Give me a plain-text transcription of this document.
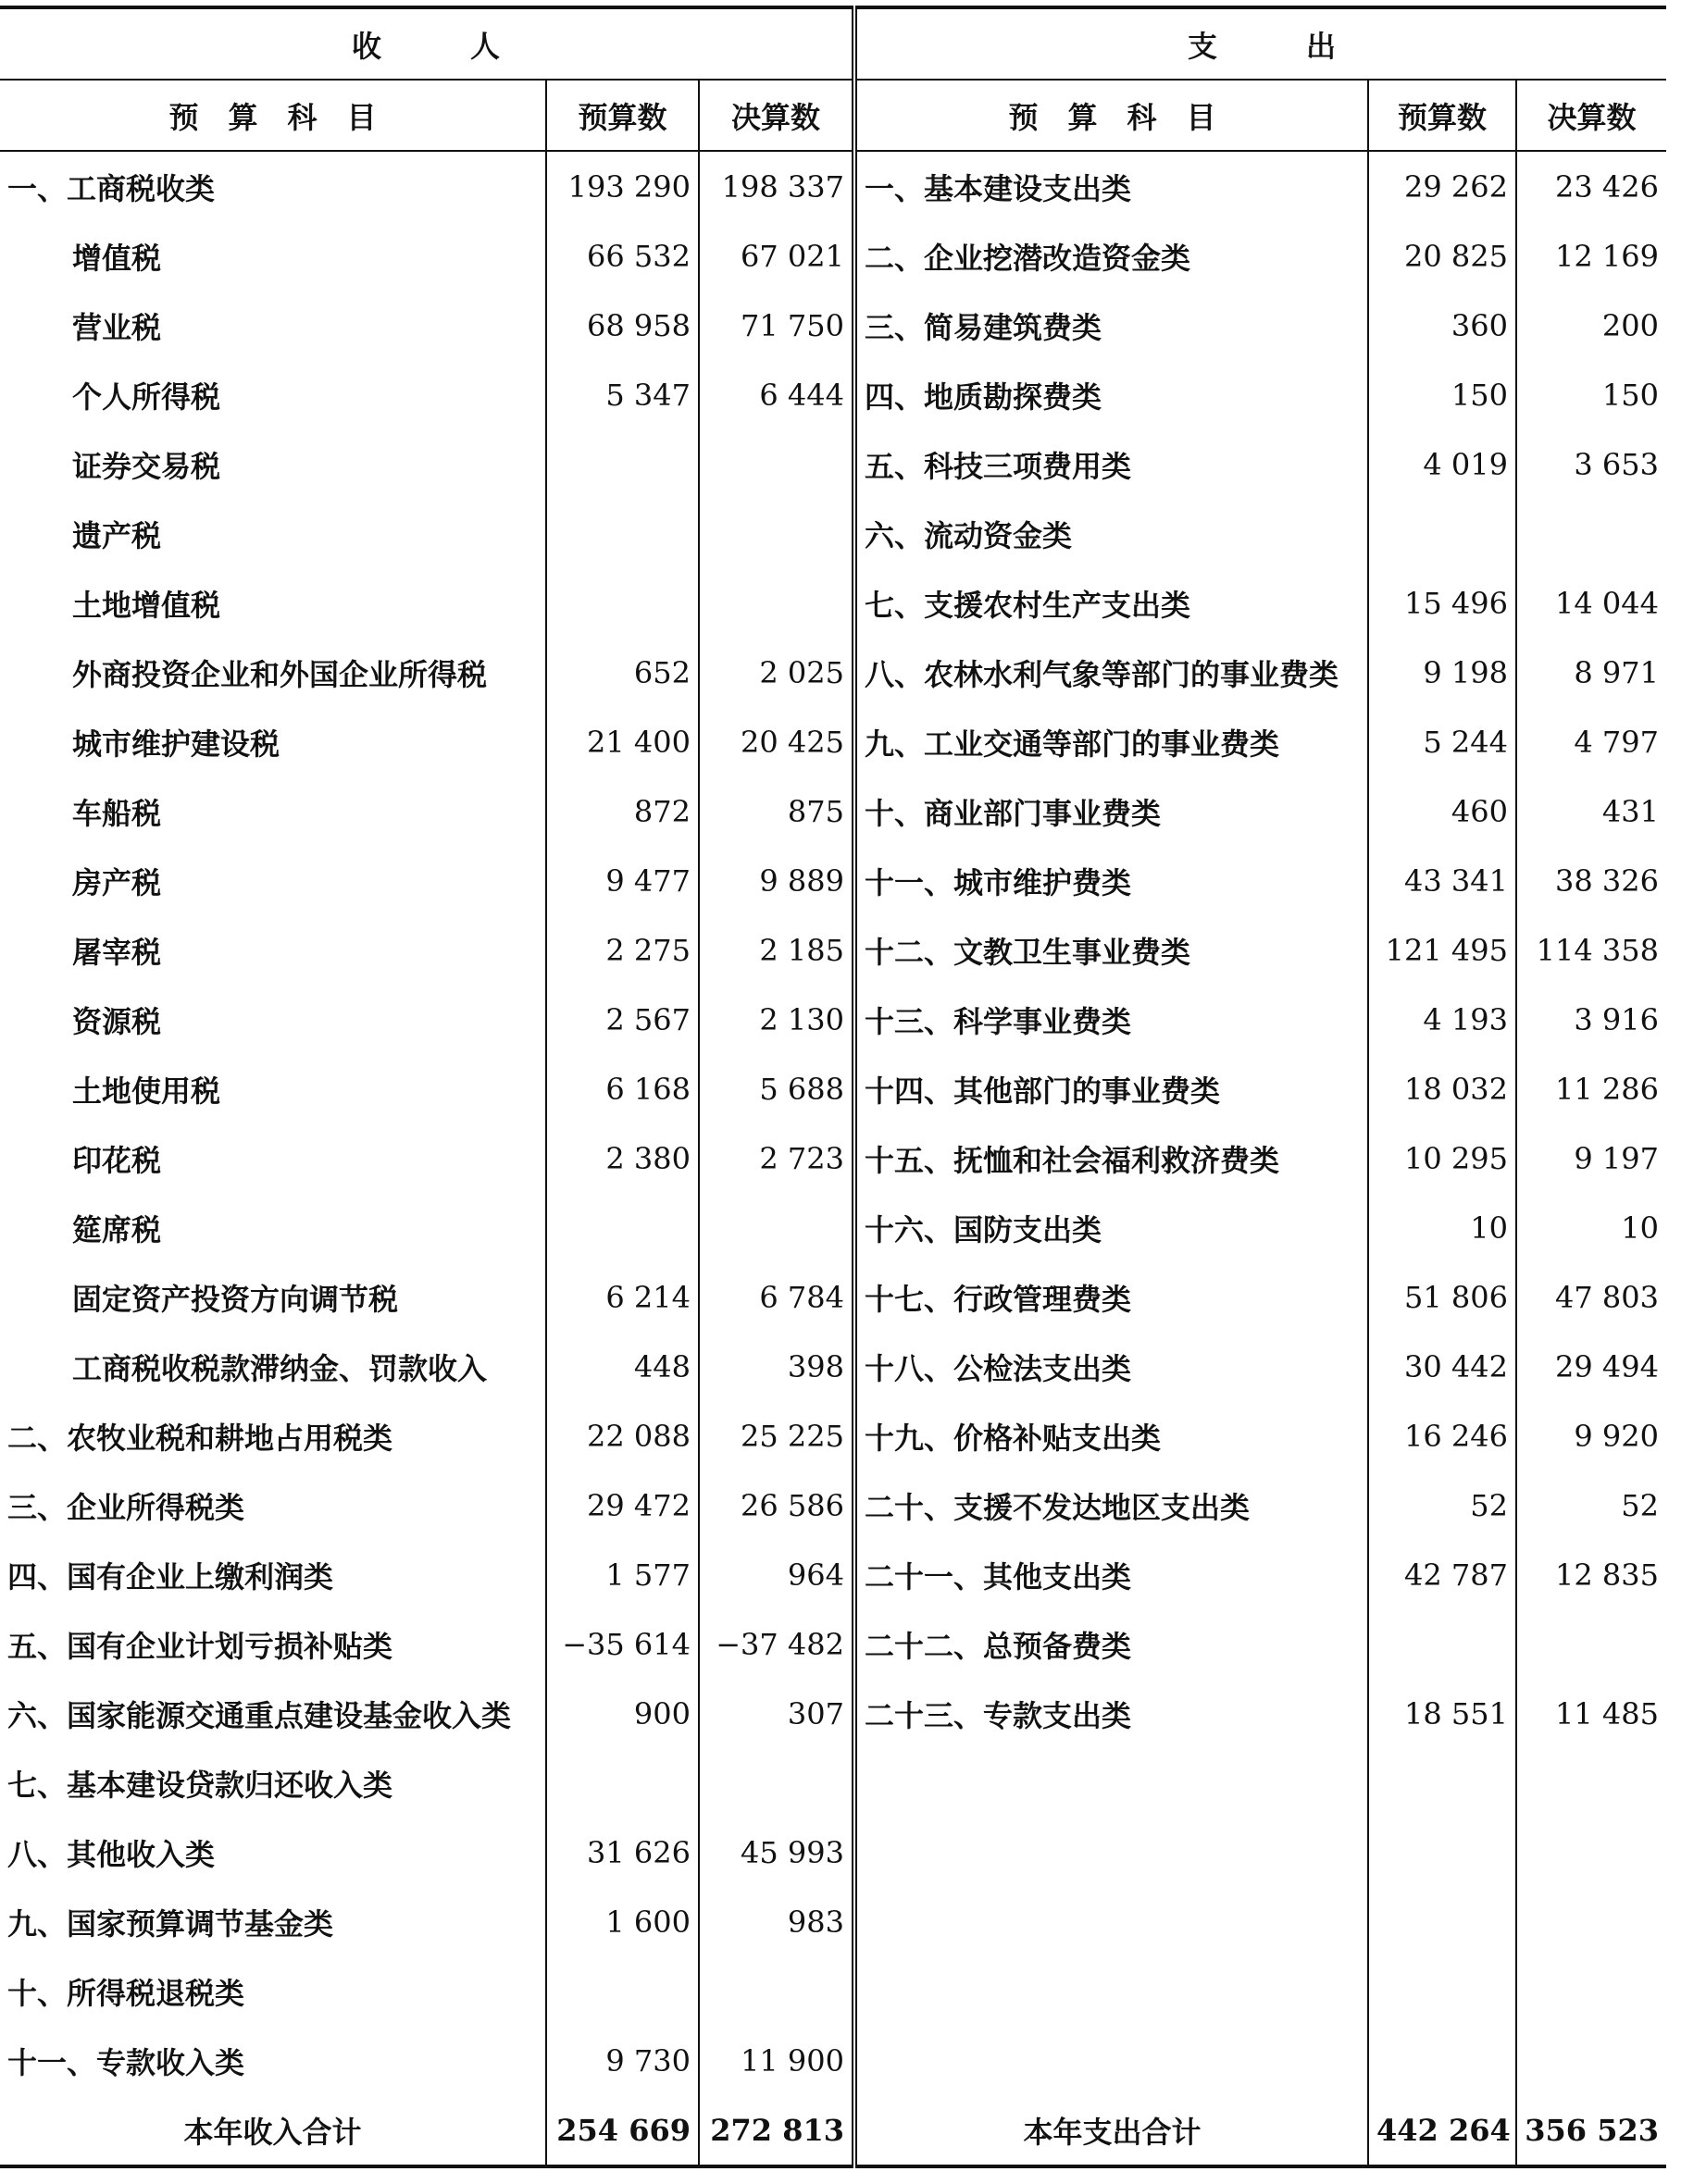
收　　　人			支　　　出		
预　算　科　目	预算数	决算数	预　算　科　目	预算数	决算数
一、工商税收类	193 290	198 337	一、基本建设支出类	29 262	23 426
增值税	66 532	67 021	二、企业挖潜改造资金类	20 825	12 169
营业税	68 958	71 750	三、简易建筑费类	360	200
个人所得税	5 347	6 444	四、地质勘探费类	150	150
证券交易税			五、科技三项费用类	4 019	3 653
遗产税			六、流动资金类		
土地增值税			七、支援农村生产支出类	15 496	14 044
外商投资企业和外国企业所得税	652	2 025	八、农林水利气象等部门的事业费类	9 198	8 971
城市维护建设税	21 400	20 425	九、工业交通等部门的事业费类	5 244	4 797
车船税	872	875	十、商业部门事业费类	460	431
房产税	9 477	9 889	十一、城市维护费类	43 341	38 326
屠宰税	2 275	2 185	十二、文教卫生事业费类	121 495	114 358
资源税	2 567	2 130	十三、科学事业费类	4 193	3 916
土地使用税	6 168	5 688	十四、其他部门的事业费类	18 032	11 286
印花税	2 380	2 723	十五、抚恤和社会福利救济费类	10 295	9 197
筵席税			十六、国防支出类	10	10
固定资产投资方向调节税	6 214	6 784	十七、行政管理费类	51 806	47 803
工商税收税款滞纳金、罚款收入	448	398	十八、公检法支出类	30 442	29 494
二、农牧业税和耕地占用税类	22 088	25 225	十九、价格补贴支出类	16 246	9 920
三、企业所得税类	29 472	26 586	二十、支援不发达地区支出类	52	52
四、国有企业上缴利润类	1 577	964	二十一、其他支出类	42 787	12 835
五、国有企业计划亏损补贴类	−35 614	−37 482	二十二、总预备费类		
六、国家能源交通重点建设基金收入类	900	307	二十三、专款支出类	18 551	11 485
七、基本建设贷款归还收入类					
八、其他收入类	31 626	45 993			
九、国家预算调节基金类	1 600	983			
十、所得税退税类					
十一、专款收入类	9 730	11 900			
本年收入合计	254 669	272 813	本年支出合计	442 264	356 523
